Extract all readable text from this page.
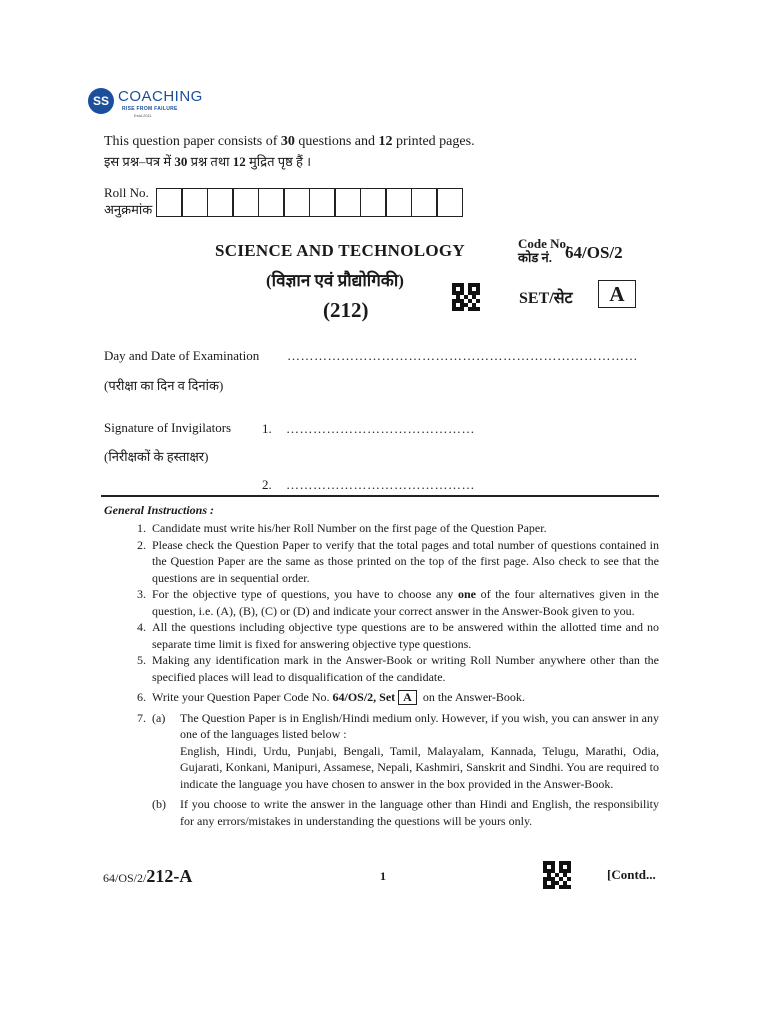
SS COACHING
RISE FROM FAILURE
Estd.2011
This question paper consists of 30 questions and 12 printed pages.
इस प्रश्न–पत्र में 30 प्रश्न तथा 12 मुद्रित पृष्ठ हैं ।
Roll No.
अनुक्रमांक
SCIENCE AND TECHNOLOGY
(विज्ञान एवं प्रौद्योगिकी)
(212)
Code No.
कोड नं. 64/OS/2
SET/सेट	A
Day and Date of Examination ……………………………………………………………………
(परीक्षा का दिन व दिनांक)
Signature of Invigilators 1. ……………………………………
(निरीक्षकों के हस्ताक्षर)
2. ……………………………………
General Instructions :
1. Candidate must write his/her Roll Number on the first page of the Question Paper.
2. Please check the Question Paper to verify that the total pages and total number of questions contained in the Question Paper are the same as those printed on the top of the first page. Also check to see that the questions are in sequential order.
3. For the objective type of questions, you have to choose any one of the four alternatives given in the question, i.e. (A), (B), (C) or (D) and indicate your correct answer in the Answer-Book given to you.
4. All the questions including objective type questions are to be answered within the allotted time and no separate time limit is fixed for answering objective type questions.
5. Making any identification mark in the Answer-Book or writing Roll Number anywhere other than the specified places will lead to disqualification of the candidate.
6. Write your Question Paper Code No. 64/OS/2, Set A on the Answer-Book.
7. (a)	The Question Paper is in English/Hindi medium only. However, if you wish, you can answer in any one of the languages listed below :
English, Hindi, Urdu, Punjabi, Bengali, Tamil, Malayalam, Kannada, Telugu, Marathi, Odia, Gujarati, Konkani, Manipuri, Assamese, Nepali, Kashmiri, Sanskrit and Sindhi. You are required to indicate the language you have chosen to answer in the box provided in the Answer-Book.
(b)	If you choose to write the answer in the language other than Hindi and English, the responsibility for any errors/mistakes in understanding the questions will be yours only.
64/OS/2/212-A	1	[Contd...
